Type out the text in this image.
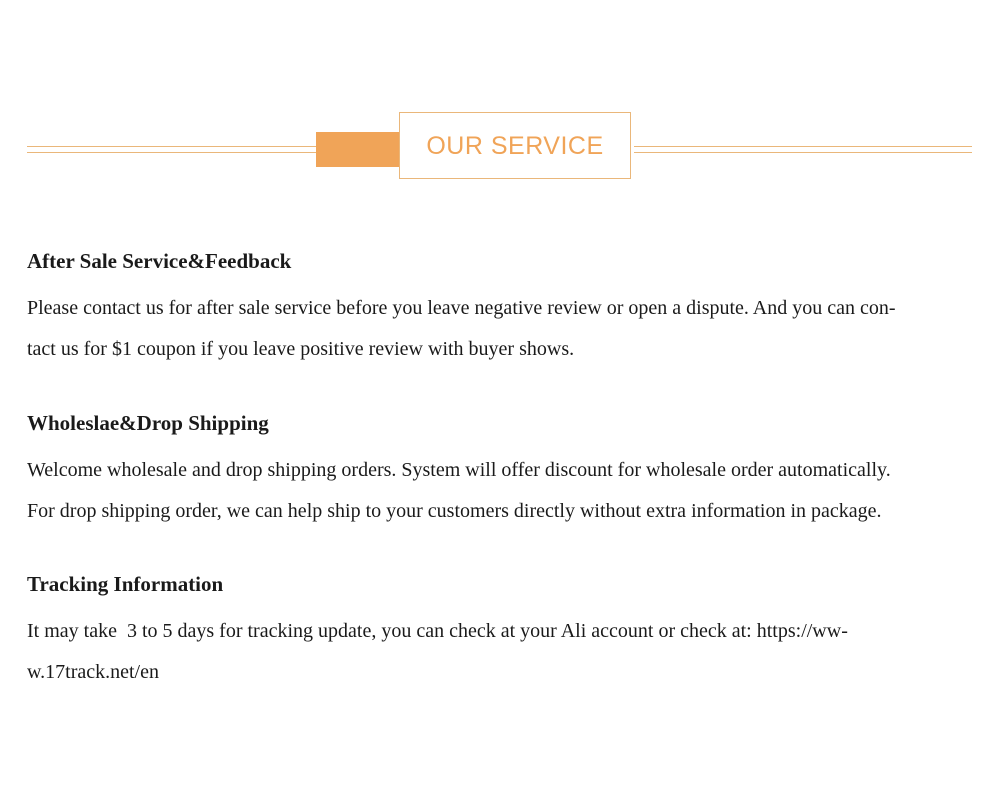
OUR SERVICE
After Sale Service&Feedback

Please contact us for after sale service before you leave negative review or open a dispute. And you can con-
tact us for $1 coupon if you leave positive review with buyer shows.

Wholeslae&Drop Shipping

Welcome wholesale and drop shipping orders. System will offer discount for wholesale order automatically.
For drop shipping order, we can help ship to your customers directly without extra information in package.

Tracking Information

It may take  3 to 5 days for tracking update, you can check at your Ali account or check at: https://ww-
w.17track.net/en
